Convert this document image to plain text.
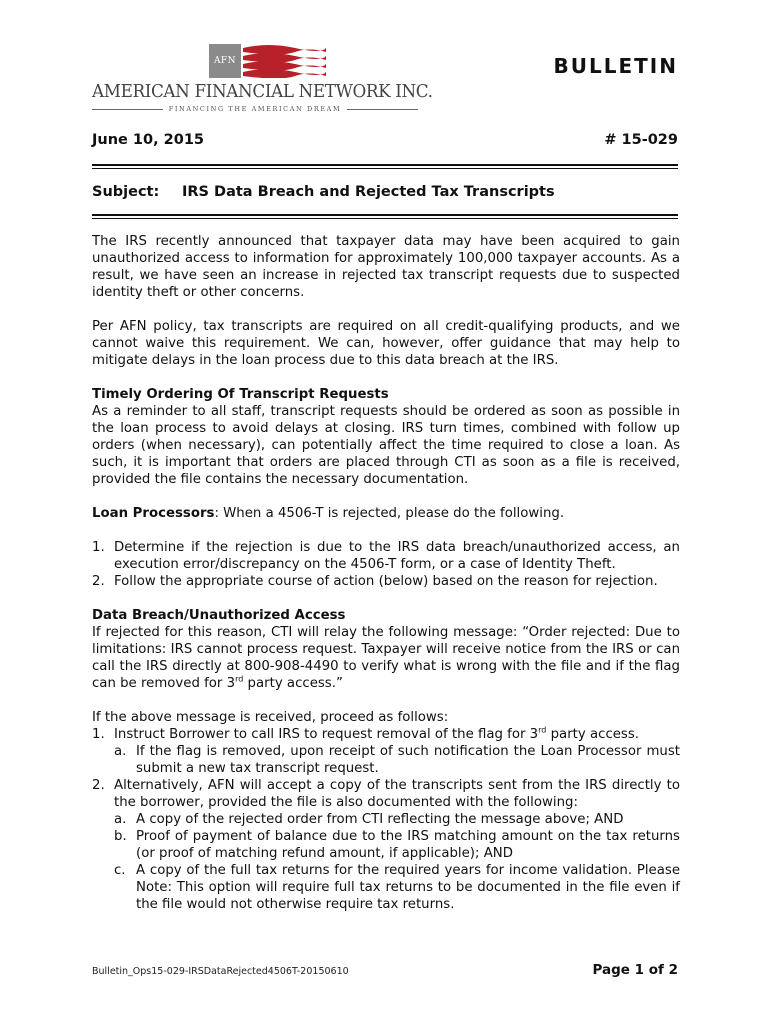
AFN
AMERICAN FINANCIAL NETWORK INC.
FINANCING THE AMERICAN DREAM
BULLETIN
June 10, 2015	# 15-029
Subject:	IRS Data Breach and Rejected Tax Transcripts

The IRS recently announced that taxpayer data may have been acquired to gain unauthorized access to information for approximately 100,000 taxpayer accounts. As a result, we have seen an increase in rejected tax transcript requests due to suspected identity theft or other concerns.

Per AFN policy, tax transcripts are required on all credit-qualifying products, and we cannot waive this requirement. We can, however, offer guidance that may help to mitigate delays in the loan process due to this data breach at the IRS.

Timely Ordering Of Transcript Requests

As a reminder to all staff, transcript requests should be ordered as soon as possible in the loan process to avoid delays at closing. IRS turn times, combined with follow up orders (when necessary), can potentially affect the time required to close a loan. As such, it is important that orders are placed through CTI as soon as a file is received, provided the file contains the necessary documentation.

Loan Processors: When a 4506-T is rejected, please do the following.

1. Determine if the rejection is due to the IRS data breach/unauthorized access, an execution error/discrepancy on the 4506-T form, or a case of Identity Theft.
2. Follow the appropriate course of action (below) based on the reason for rejection.
Data Breach/Unauthorized Access

If rejected for this reason, CTI will relay the following message: “Order rejected: Due to limitations: IRS cannot process request. Taxpayer will receive notice from the IRS or can call the IRS directly at 800-908-4490 to verify what is wrong with the file and if the flag can be removed for 3rd party access.”

If the above message is received, proceed as follows:

1. Instruct Borrower to call IRS to request removal of the flag for 3rd party access.
a. If the flag is removed, upon receipt of such notification the Loan Processor must submit a new tax transcript request.
2. Alternatively, AFN will accept a copy of the transcripts sent from the IRS directly to the borrower, provided the file is also documented with the following:
a. A copy of the rejected order from CTI reflecting the message above; AND
b. Proof of payment of balance due to the IRS matching amount on the tax returns (or proof of matching refund amount, if applicable); AND
c. A copy of the full tax returns for the required years for income validation. Please Note: This option will require full tax returns to be documented in the file even if the file would not otherwise require tax returns.
Bulletin_Ops15-029-IRSDataRejected4506T-20150610	Page 1 of 2
